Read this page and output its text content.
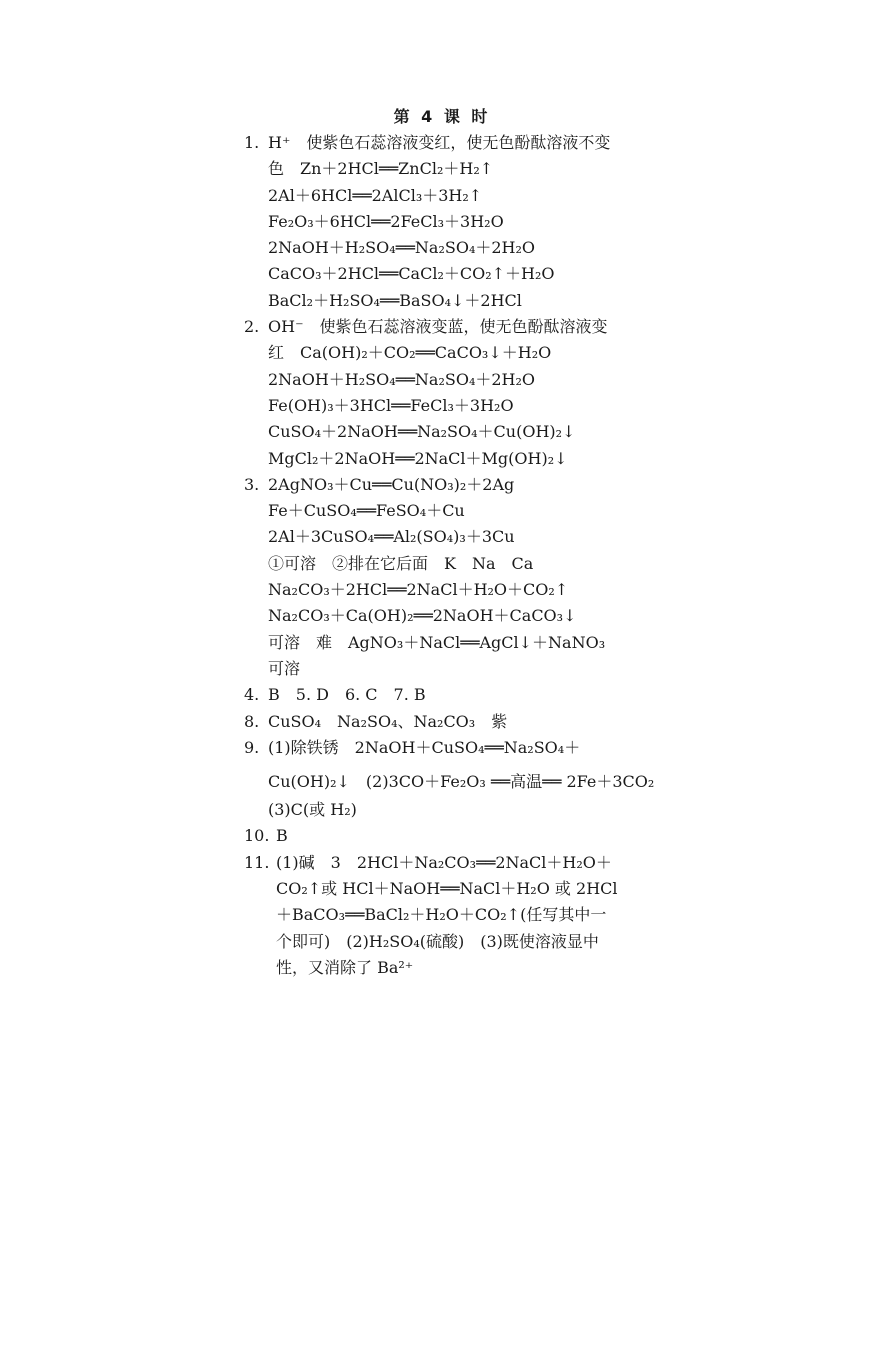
第 4 课 时
1. H⁺　使紫色石蕊溶液变红，使无色酚酞溶液不变
色　Zn＋2HCl══ZnCl₂＋H₂↑
2Al＋6HCl══2AlCl₃＋3H₂↑
Fe₂O₃＋6HCl══2FeCl₃＋3H₂O
2NaOH＋H₂SO₄══Na₂SO₄＋2H₂O
CaCO₃＋2HCl══CaCl₂＋CO₂↑＋H₂O
BaCl₂＋H₂SO₄══BaSO₄↓＋2HCl
2. OH⁻　使紫色石蕊溶液变蓝，使无色酚酞溶液变
红　Ca(OH)₂＋CO₂══CaCO₃↓＋H₂O
2NaOH＋H₂SO₄══Na₂SO₄＋2H₂O
Fe(OH)₃＋3HCl══FeCl₃＋3H₂O
CuSO₄＋2NaOH══Na₂SO₄＋Cu(OH)₂↓
MgCl₂＋2NaOH══2NaCl＋Mg(OH)₂↓
3. 2AgNO₃＋Cu══Cu(NO₃)₂＋2Ag
Fe＋CuSO₄══FeSO₄＋Cu
2Al＋3CuSO₄══Al₂(SO₄)₃＋3Cu
①可溶　②排在它后面　K　Na　Ca
Na₂CO₃＋2HCl══2NaCl＋H₂O＋CO₂↑
Na₂CO₃＋Ca(OH)₂══2NaOH＋CaCO₃↓
可溶　难　AgNO₃＋NaCl══AgCl↓＋NaNO₃
可溶
4. B　5. D　6. C　7. B
8. CuSO₄　Na₂SO₄、Na₂CO₃　紫
9. (1)除铁锈　2NaOH＋CuSO₄══Na₂SO₄＋
Cu(OH)₂↓　(2)3CO＋Fe₂O₃ ══高温══ 2Fe＋3CO₂
(3)C(或 H₂)
10. B
11. (1)碱　3　2HCl＋Na₂CO₃══2NaCl＋H₂O＋
CO₂↑或 HCl＋NaOH══NaCl＋H₂O 或 2HCl
＋BaCO₃══BaCl₂＋H₂O＋CO₂↑(任写其中一
个即可)　(2)H₂SO₄(硫酸)　(3)既使溶液显中
性，又消除了 Ba²⁺
